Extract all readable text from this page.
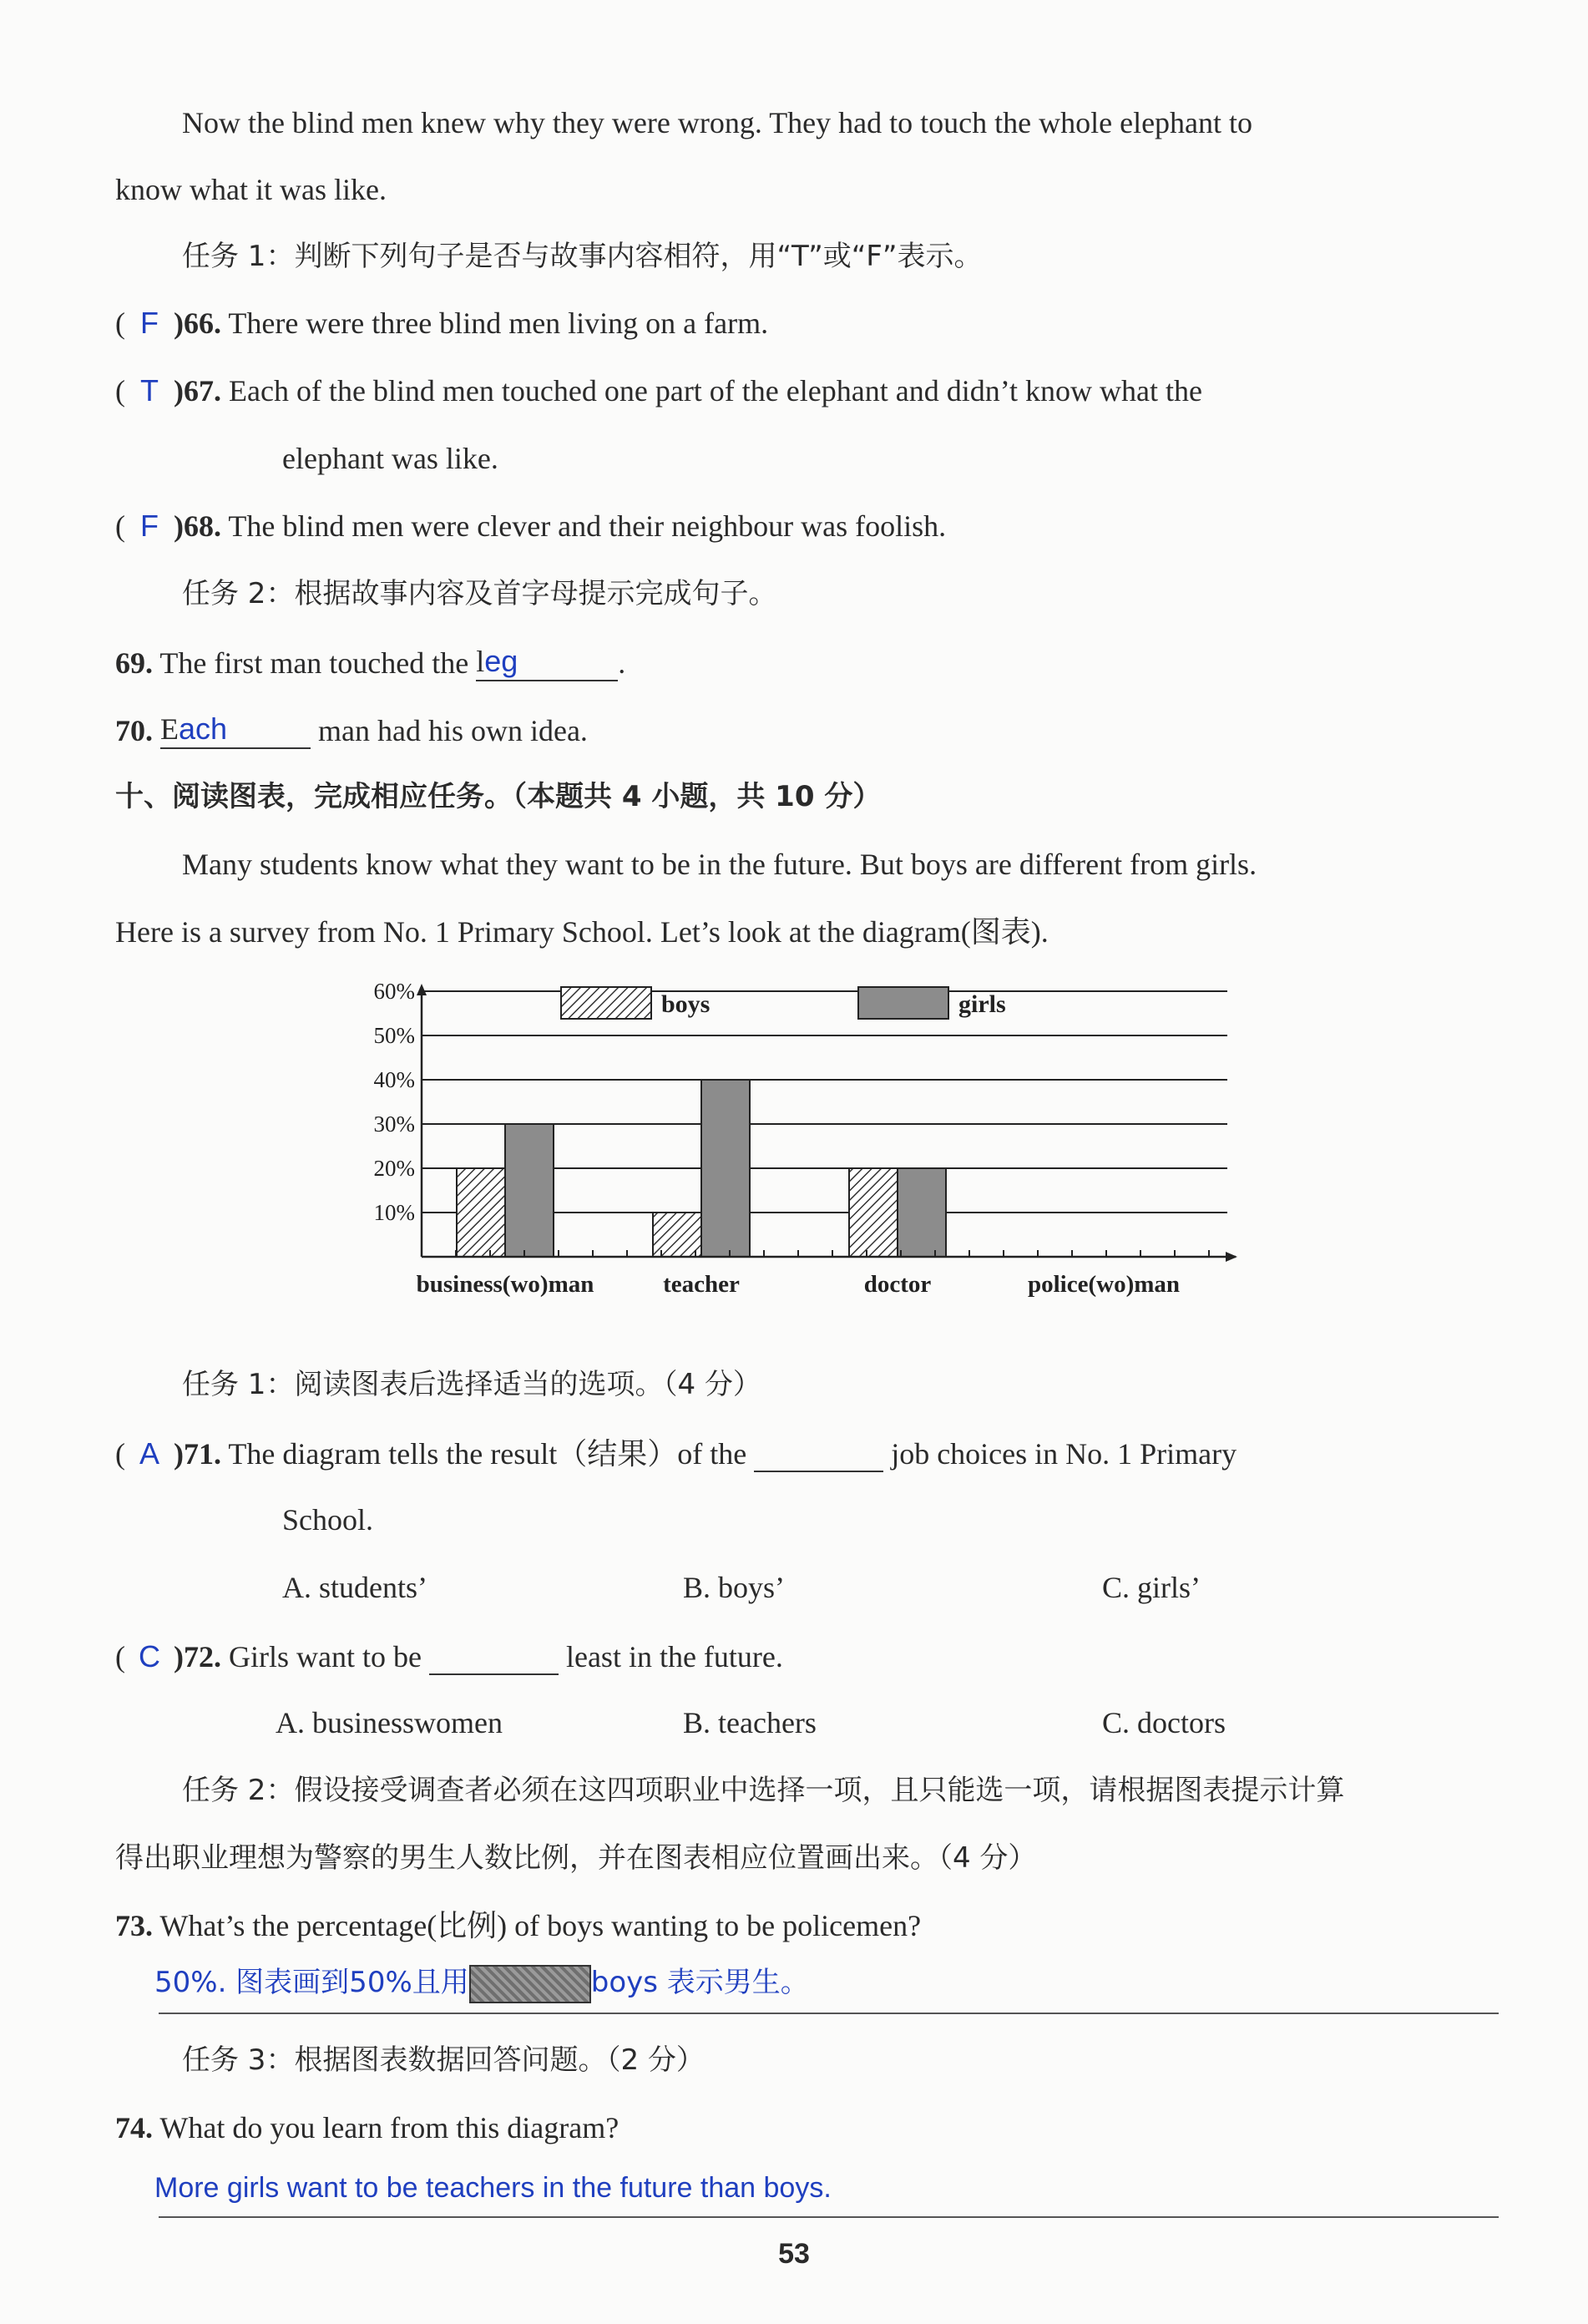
Now the blind men knew why they were wrong. They had to touch the whole elephant to
know what it was like.
任务 1：判断下列句子是否与故事内容相符，用“T”或“F”表示。
( F )66. There were three blind men living on a farm.
( T )67. Each of the blind men touched one part of the elephant and didn’t know what the
elephant was like.
( F )68. The blind men were clever and their neighbour was foolish.
任务 2：根据故事内容及首字母提示完成句子。
69. The first man touched the leg	.
70. Each	man had his own idea.
十、阅读图表，完成相应任务。（本题共 4 小题，共 10 分）
Many students know what they want to be in the future. But boys are different from girls.
Here is a survey from No. 1 Primary School. Let’s look at the diagram(图表).
10%
20%
30%
40%
50%
60%
business(wo)man	teacher	doctor	police(wo)man
boys	girls
任务 1：阅读图表后选择适当的选项。（4 分）
( A )71. The diagram tells the result（结果）of the	job choices in No. 1 Primary
School.
A. students’	B. boys’	C. girls’
( C )72. Girls want to be	least in the future.
A. businesswomen	B. teachers	C. doctors
任务 2：假设接受调查者必须在这四项职业中选择一项，且只能选一项，请根据图表提示计算
得出职业理想为警察的男生人数比例，并在图表相应位置画出来。（4 分）
73. What’s the percentage(比例) of boys wanting to be policemen?
50%. 图表画到50%且用	boys 表示男生。
任务 3：根据图表数据回答问题。（2 分）
74. What do you learn from this diagram?
More girls want to be teachers in the future than boys.
53
